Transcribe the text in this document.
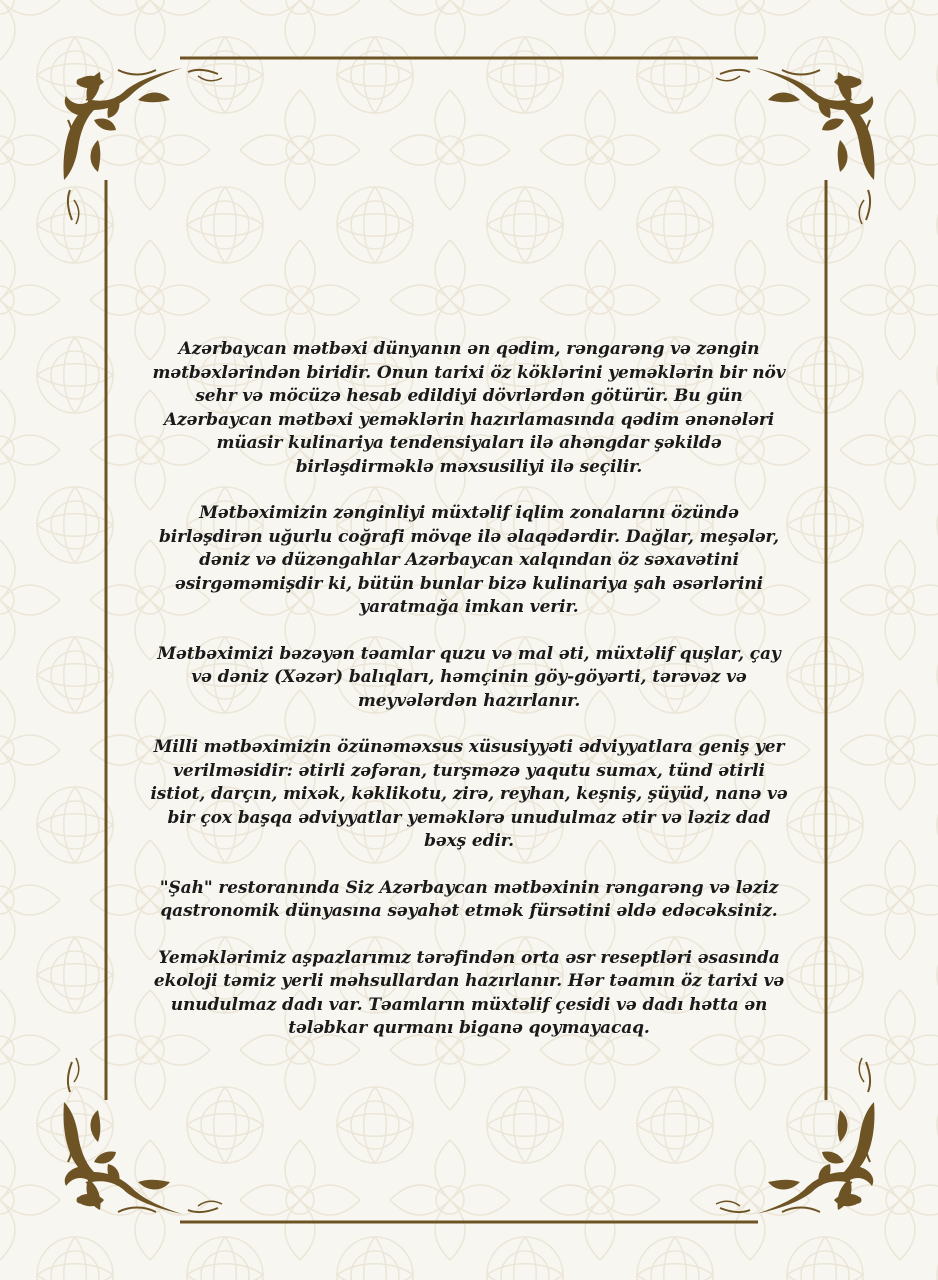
Azərbaycan mətbəxi dünyanın ən qədim, rəngarəng və zəngin mətbəxlərindən biridir. Onun tarixi öz köklərini yeməklərin bir növ sehr və möcüzə hesab edildiyi dövrlərdən götürür. Bu gün Azərbaycan mətbəxi yeməklərin hazırlamasında qədim ənənələri müasir kulinariya tendensiyaları ilə ahəngdar şəkildə birləşdirməklə məxsusiliyi ilə seçilir.

Mətbəximizin zənginliyi müxtəlif iqlim zonalarını özündə birləşdirən uğurlu coğrafi mövqe ilə əlaqədərdir. Dağlar, meşələr, dəniz və düzəngahlar Azərbaycan xalqından öz səxavətini əsirgəməmişdir ki, bütün bunlar bizə kulinariya şah əsərlərini yaratmağa imkan verir.

Mətbəximizi bəzəyən təamlar quzu və mal əti, müxtəlif quşlar, çay və dəniz (Xəzər) balıqları, həmçinin göy-göyərti, tərəvəz və meyvələrdən hazırlanır.

Milli mətbəximizin özünəməxsus xüsusiyyəti ədviyyatlara geniş yer verilməsidir: ətirli zəfəran, turşməzə yaqutu sumax, tünd ətirli istiot, darçın, mixək, kəklikotu, zirə, reyhan, keşniş, şüyüd, nanə və bir çox başqa ədviyyatlar yeməklərə unudulmaz ətir və ləziz dad bəxş edir.

"Şah" restoranında Siz Azərbaycan mətbəxinin rəngarəng və ləziz qastronomik dünyasına səyahət etmək fürsətini əldə edəcəksiniz.

Yeməklərimiz aşpazlarımız tərəfindən orta əsr reseptləri əsasında ekoloji təmiz yerli məhsullardan hazırlanır. Hər təamın öz tarixi və unudulmaz dadı var. Təamların müxtəlif çesidi və dadı hətta ən tələbkar qurmanı biganə qoymayacaq.
